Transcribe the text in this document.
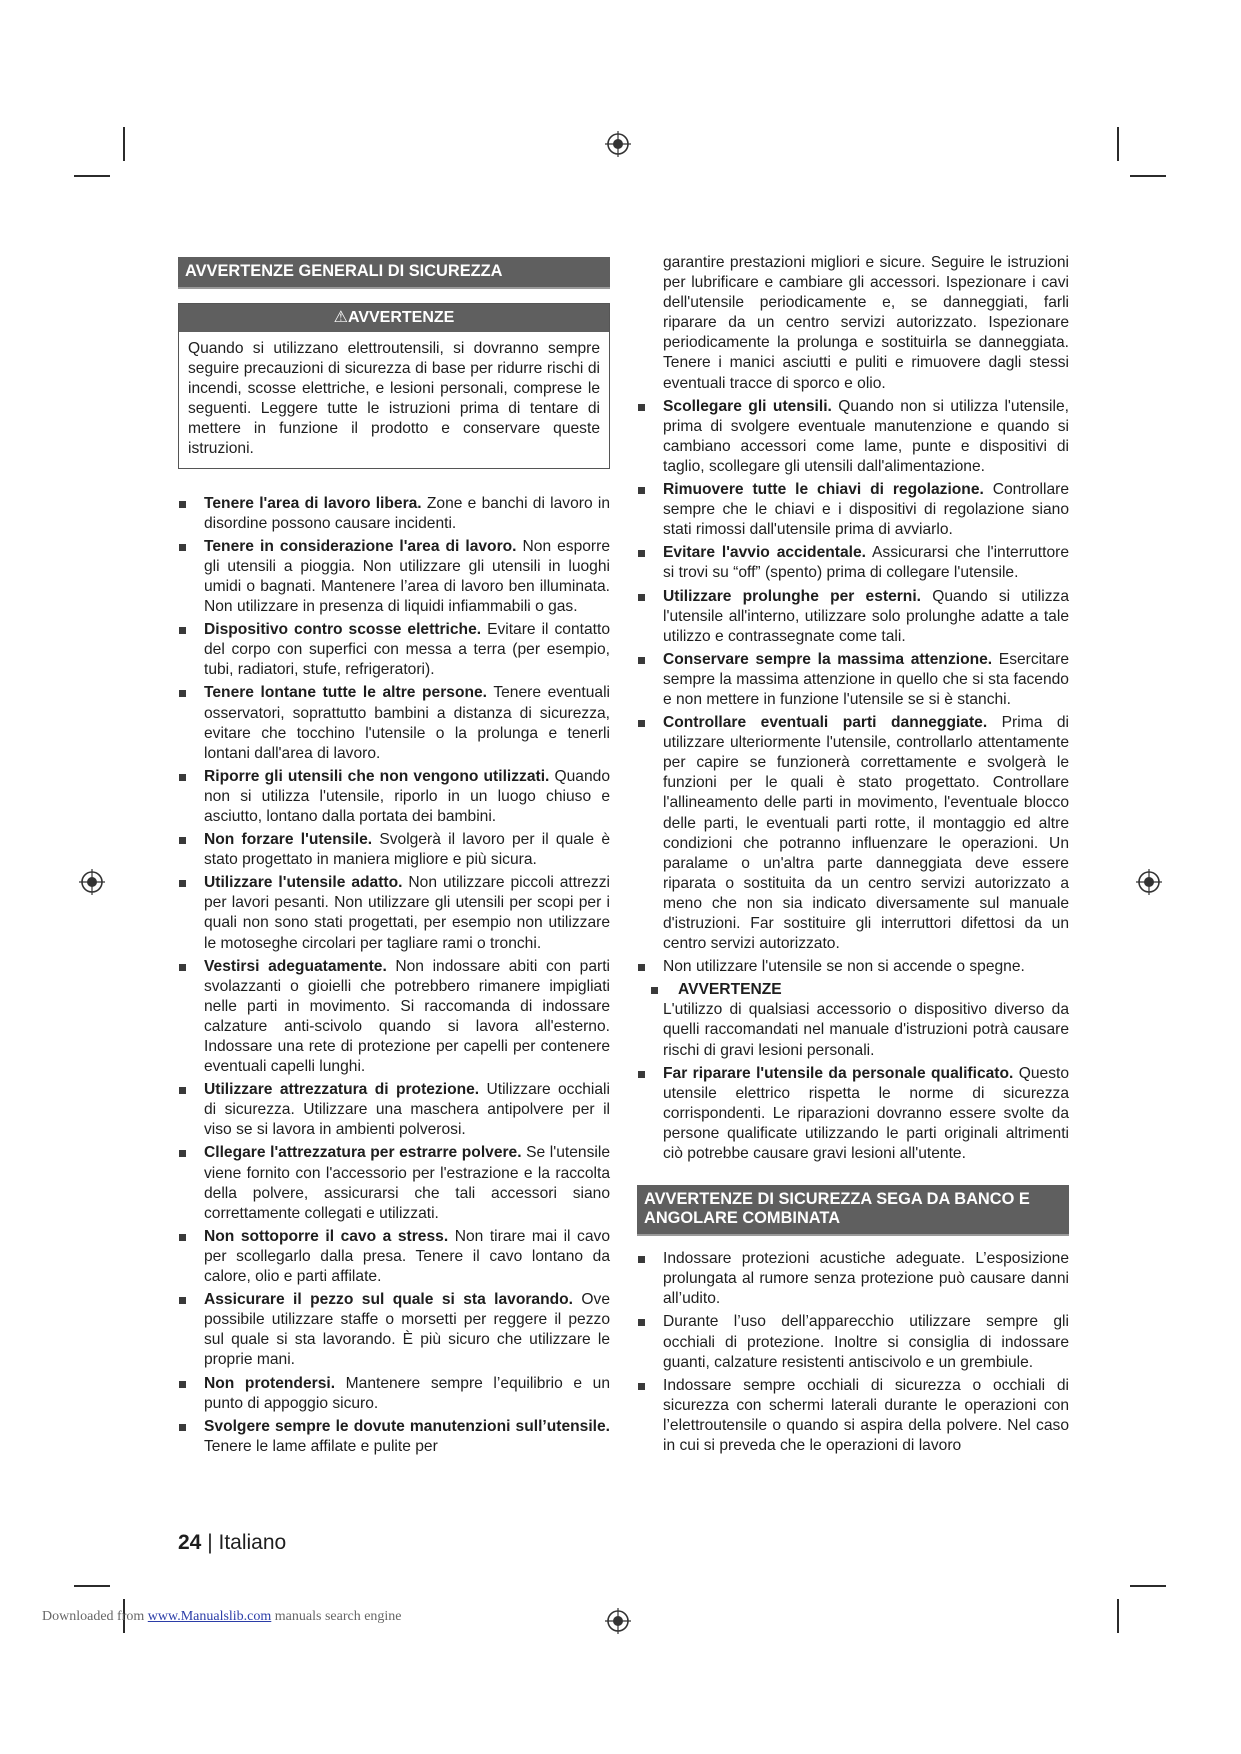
AVVERTENZE GENERALI DI SICUREZZA
⚠AVVERTENZE
Quando si utilizzano elettroutensili, si dovranno sempre seguire precauzioni di sicurezza di base per ridurre rischi di incendi, scosse elettriche, e lesioni personali, comprese le seguenti. Leggere tutte le istruzioni prima di tentare di mettere in funzione il prodotto e conservare queste istruzioni.
Tenere l'area di lavoro libera. Zone e banchi di lavoro in disordine possono causare incidenti.
Tenere in considerazione l'area di lavoro. Non esporre gli utensili a pioggia. Non utilizzare gli utensili in luoghi umidi o bagnati. Mantenere l’area di lavoro ben illuminata. Non utilizzare in presenza di liquidi infiammabili o gas.
Dispositivo contro scosse elettriche. Evitare il contatto del corpo con superfici con messa a terra (per esempio, tubi, radiatori, stufe, refrigeratori).
Tenere lontane tutte le altre persone. Tenere eventuali osservatori, soprattutto bambini a distanza di sicurezza, evitare che tocchino l'utensile o la prolunga e tenerli lontani dall'area di lavoro.
Riporre gli utensili che non vengono utilizzati. Quando non si utilizza l'utensile, riporlo in un luogo chiuso e asciutto, lontano dalla portata dei bambini.
Non forzare l'utensile. Svolgerà il lavoro per il quale è stato progettato in maniera migliore e più sicura.
Utilizzare l'utensile adatto. Non utilizzare piccoli attrezzi per lavori pesanti. Non utilizzare gli utensili per scopi per i quali non sono stati progettati, per esempio non utilizzare le motoseghe circolari per tagliare rami o tronchi.
Vestirsi adeguatamente. Non indossare abiti con parti svolazzanti o gioielli che potrebbero rimanere impigliati nelle parti in movimento. Si raccomanda di indossare calzature anti-scivolo quando si lavora all'esterno. Indossare una rete di protezione per capelli per contenere eventuali capelli lunghi.
Utilizzare attrezzatura di protezione. Utilizzare occhiali di sicurezza. Utilizzare una maschera antipolvere per il viso se si lavora in ambienti polverosi.
Cllegare l'attrezzatura per estrarre polvere. Se l'utensile viene fornito con l'accessorio per l'estrazione e la raccolta della polvere, assicurarsi che tali accessori siano correttamente collegati e utilizzati.
Non sottoporre il cavo a stress. Non tirare mai il cavo per scollegarlo dalla presa. Tenere il cavo lontano da calore, olio e parti affilate.
Assicurare il pezzo sul quale si sta lavorando. Ove possibile utilizzare staffe o morsetti per reggere il pezzo sul quale si sta lavorando. È più sicuro che utilizzare le proprie mani.
Non protendersi. Mantenere sempre l’equilibrio e un punto di appoggio sicuro.
Svolgere sempre le dovute manutenzioni sull’utensile. Tenere le lame affilate e pulite per
garantire prestazioni migliori e sicure. Seguire le istruzioni per lubrificare e cambiare gli accessori. Ispezionare i cavi dell'utensile periodicamente e, se danneggiati, farli riparare da un centro servizi autorizzato. Ispezionare periodicamente la prolunga e sostituirla se danneggiata. Tenere i manici asciutti e puliti e rimuovere dagli stessi eventuali tracce di sporco e olio.
Scollegare gli utensili. Quando non si utilizza l'utensile, prima di svolgere eventuale manutenzione e quando si cambiano accessori come lame, punte e dispositivi di taglio, scollegare gli utensili dall'alimentazione.
Rimuovere tutte le chiavi di regolazione. Controllare sempre che le chiavi e i dispositivi di regolazione siano stati rimossi dall'utensile prima di avviarlo.
Evitare l'avvio accidentale. Assicurarsi che l'interruttore si trovi su “off” (spento) prima di collegare l'utensile.
Utilizzare prolunghe per esterni. Quando si utilizza l'utensile all'interno, utilizzare solo prolunghe adatte a tale utilizzo e contrassegnate come tali.
Conservare sempre la massima attenzione. Esercitare sempre la massima attenzione in quello che si sta facendo e non mettere in funzione l'utensile se si è stanchi.
Controllare eventuali parti danneggiate. Prima di utilizzare ulteriormente l'utensile, controllarlo attentamente per capire se funzionerà correttamente e svolgerà le funzioni per le quali è stato progettato. Controllare l'allineamento delle parti in movimento, l'eventuale blocco delle parti, le eventuali parti rotte, il montaggio ed altre condizioni che potranno influenzare le operazioni. Un paralame o un'altra parte danneggiata deve essere riparata o sostituita da un centro servizi autorizzato a meno che non sia indicato diversamente sul manuale d'istruzioni. Far sostituire gli interruttori difettosi da un centro servizi autorizzato.
Non utilizzare l'utensile se non si accende o spegne.
AVVERTENZE
L'utilizzo di qualsiasi accessorio o dispositivo diverso da quelli raccomandati nel manuale d'istruzioni potrà causare rischi di gravi lesioni personali.
Far riparare l'utensile da personale qualificato. Questo utensile elettrico rispetta le norme di sicurezza corrispondenti. Le riparazioni dovranno essere svolte da persone qualificate utilizzando le parti originali altrimenti ciò potrebbe causare gravi lesioni all'utente.
AVVERTENZE DI SICUREZZA SEGA DA BANCO E ANGOLARE COMBINATA
Indossare protezioni acustiche adeguate. L’esposizione prolungata al rumore senza protezione può causare danni all’udito.
Durante l’uso dell’apparecchio utilizzare sempre gli occhiali di protezione. Inoltre si consiglia di indossare guanti, calzature resistenti antiscivolo e un grembiule.
Indossare sempre occhiali di sicurezza o occhiali di sicurezza con schermi laterali durante le operazioni con l’elettroutensile o quando si aspira della polvere. Nel caso in cui si preveda che le operazioni di lavoro
24 | Italiano
Downloaded from www.Manualslib.com manuals search engine
